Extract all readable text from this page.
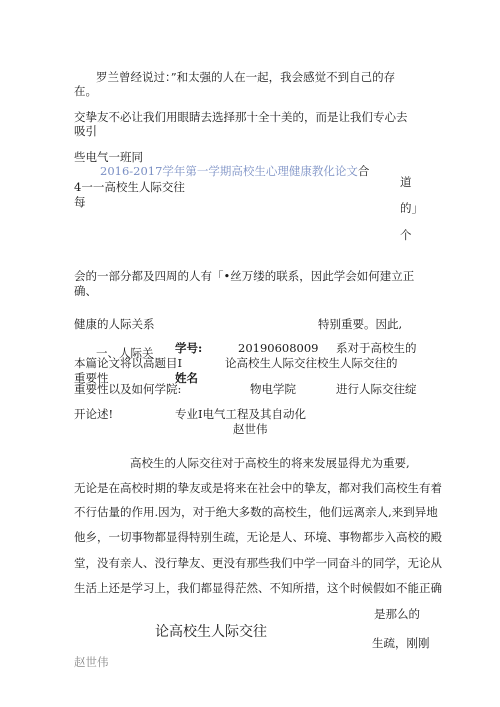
罗兰曾经说过：”和太强的人在一起，我会感觉不到自己的存
在。
交挚友不必让我们用眼睛去选择那十全十美的，而是让我们专心去
吸引
些电气一班同
2016-2017学年第一学期高校生心理健康教化论文合
4一一高校生人际交往
每
道
的」
个
会的一部分都及四周的人有「•丝万缕的联系，因此学会如何建立正
确、
健康的人际关系	特别重要。因此,
一、人际关 学号:	20190608009 系对于高校生的
本篇论文将以高题目I	论高校生人际交往校生人际交往的
重要性	姓名
重要性以及如何学院:	物电学院	进行人际交往绽
开论述!	专业I电气工程及其自动化
赵世伟
高校生的人际交往对于高校生的将来发展显得尤为重要,
无论是在高校时期的挚友或是将来在社会中的挚友，都对我们高校生有着
不行估量的作用.因为，对于绝大多数的高校生，他们远离亲人,来到异地
他乡，一切事物都显得特别生疏，无论是人、环境、事物都步入高校的殿
堂，没有亲人、没行挚友、更没有那些我们中学一同奋斗的同学，无论从
生活上还是学习上，我们都显得茫然、不知所措，这个时候假如不能正确
是那么的
论高校生人际交往
生疏，刚刚
赵世伟
